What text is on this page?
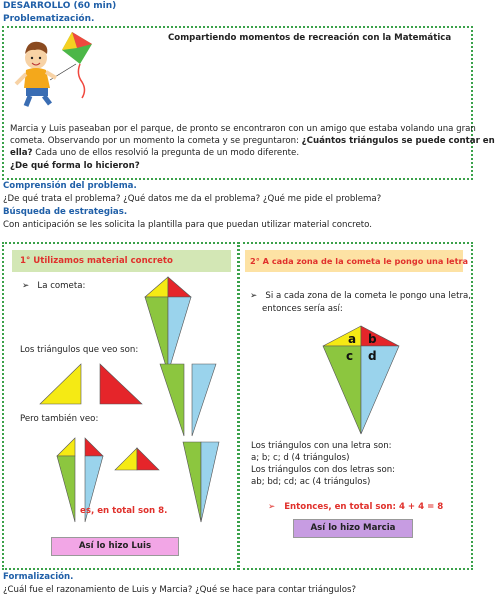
DESARROLLO (60 min)
Problematización.
Compartiendo momentos de recreación con la Matemática
Marcia y Luis paseaban por el parque, de pronto se encontraron con un amigo que estaba volando una gran
cometa. Observando por un momento la cometa y se preguntaron: ¿Cuántos triángulos se puede contar en
ella? Cada uno de ellos resolvió la pregunta de un modo diferente.
¿De qué forma lo hicieron?
Comprensión del problema.
¿De qué trata el problema? ¿Qué datos me da el problema? ¿Qué me pide el problema?
Búsqueda de estrategias.
Con anticipación se les solicita la plantilla para que puedan utilizar material concreto.
1° Utilizamos material concreto
➢   La cometa:
Los triángulos que veo son:
Pero también veo:
es, en total son 8.
Así lo hizo Luis
2° A cada zona de la cometa le pongo una letra
➢   Si a cada zona de la cometa le pongo una letra,
entonces sería así:
a b
c d
Los triángulos con una letra son:
a; b; c; d (4 triángulos)
Los triángulos con dos letras son:
ab; bd; cd; ac (4 triángulos)
➢   Entonces, en total son: 4 + 4 = 8
Así lo hizo Marcia
Formalización.
¿Cuál fue el razonamiento de Luis y Marcia? ¿Qué se hace para contar triángulos?
